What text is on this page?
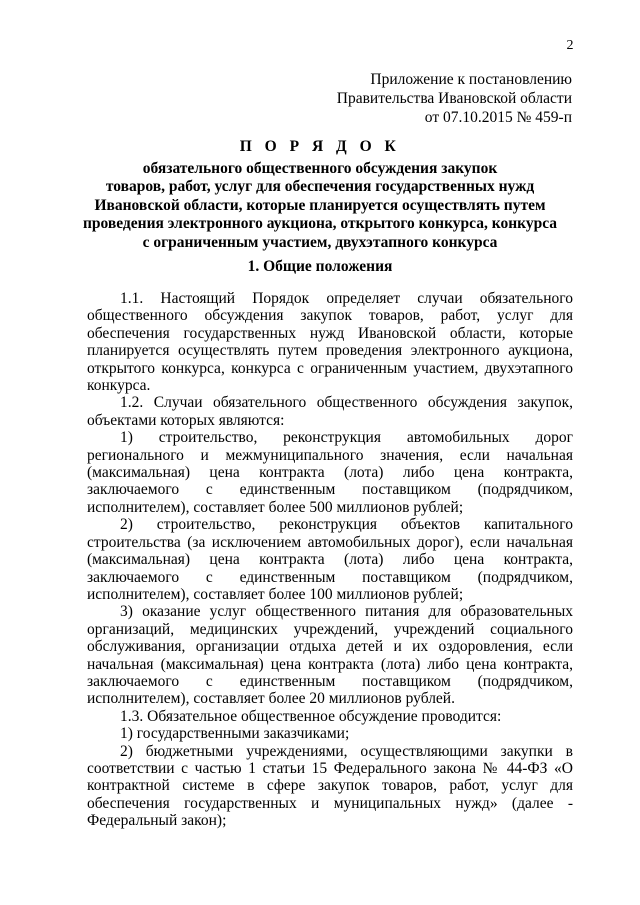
2
Приложение к постановлению
Правительства Ивановской области
от 07.10.2015 № 459-п
П О Р Я Д О К
обязательного общественного обсуждения закупок
товаров, работ, услуг для обеспечения государственных нужд
Ивановской области, которые планируется осуществлять путем
проведения электронного аукциона, открытого конкурса, конкурса
с ограниченным участием, двухэтапного конкурса
1. Общие положения

1.1. Настоящий Порядок определяет случаи обязательного общественного обсуждения закупок товаров, работ, услуг для обеспечения государственных нужд Ивановской области, которые планируется осуществлять путем проведения электронного аукциона, открытого конкурса, конкурса с ограниченным участием, двухэтапного конкурса.

1.2. Случаи обязательного общественного обсуждения закупок, объектами которых являются:

1) строительство, реконструкция автомобильных дорог регионального и межмуниципального значения, если начальная (максимальная) цена контракта (лота) либо цена контракта, заключаемого с единственным поставщиком (подрядчиком, исполнителем), составляет более 500 миллионов рублей;

2) строительство, реконструкция объектов капитального строительства (за исключением автомобильных дорог), если начальная (максимальная) цена контракта (лота) либо цена контракта, заключаемого с единственным поставщиком (подрядчиком, исполнителем), составляет более 100 миллионов рублей;

3) оказание услуг общественного питания для образовательных организаций, медицинских учреждений, учреждений социального обслуживания, организации отдыха детей и их оздоровления, если начальная (максимальная) цена контракта (лота) либо цена контракта, заключаемого с единственным поставщиком (подрядчиком, исполнителем), составляет более 20 миллионов рублей.

1.3. Обязательное общественное обсуждение проводится:

1) государственными заказчиками;

2) бюджетными учреждениями, осуществляющими закупки в соответствии с частью 1 статьи 15 Федерального закона № 44-ФЗ «О контрактной системе в сфере закупок товаров, работ, услуг для обеспечения государственных и муниципальных нужд» (далее - Федеральный закон);
